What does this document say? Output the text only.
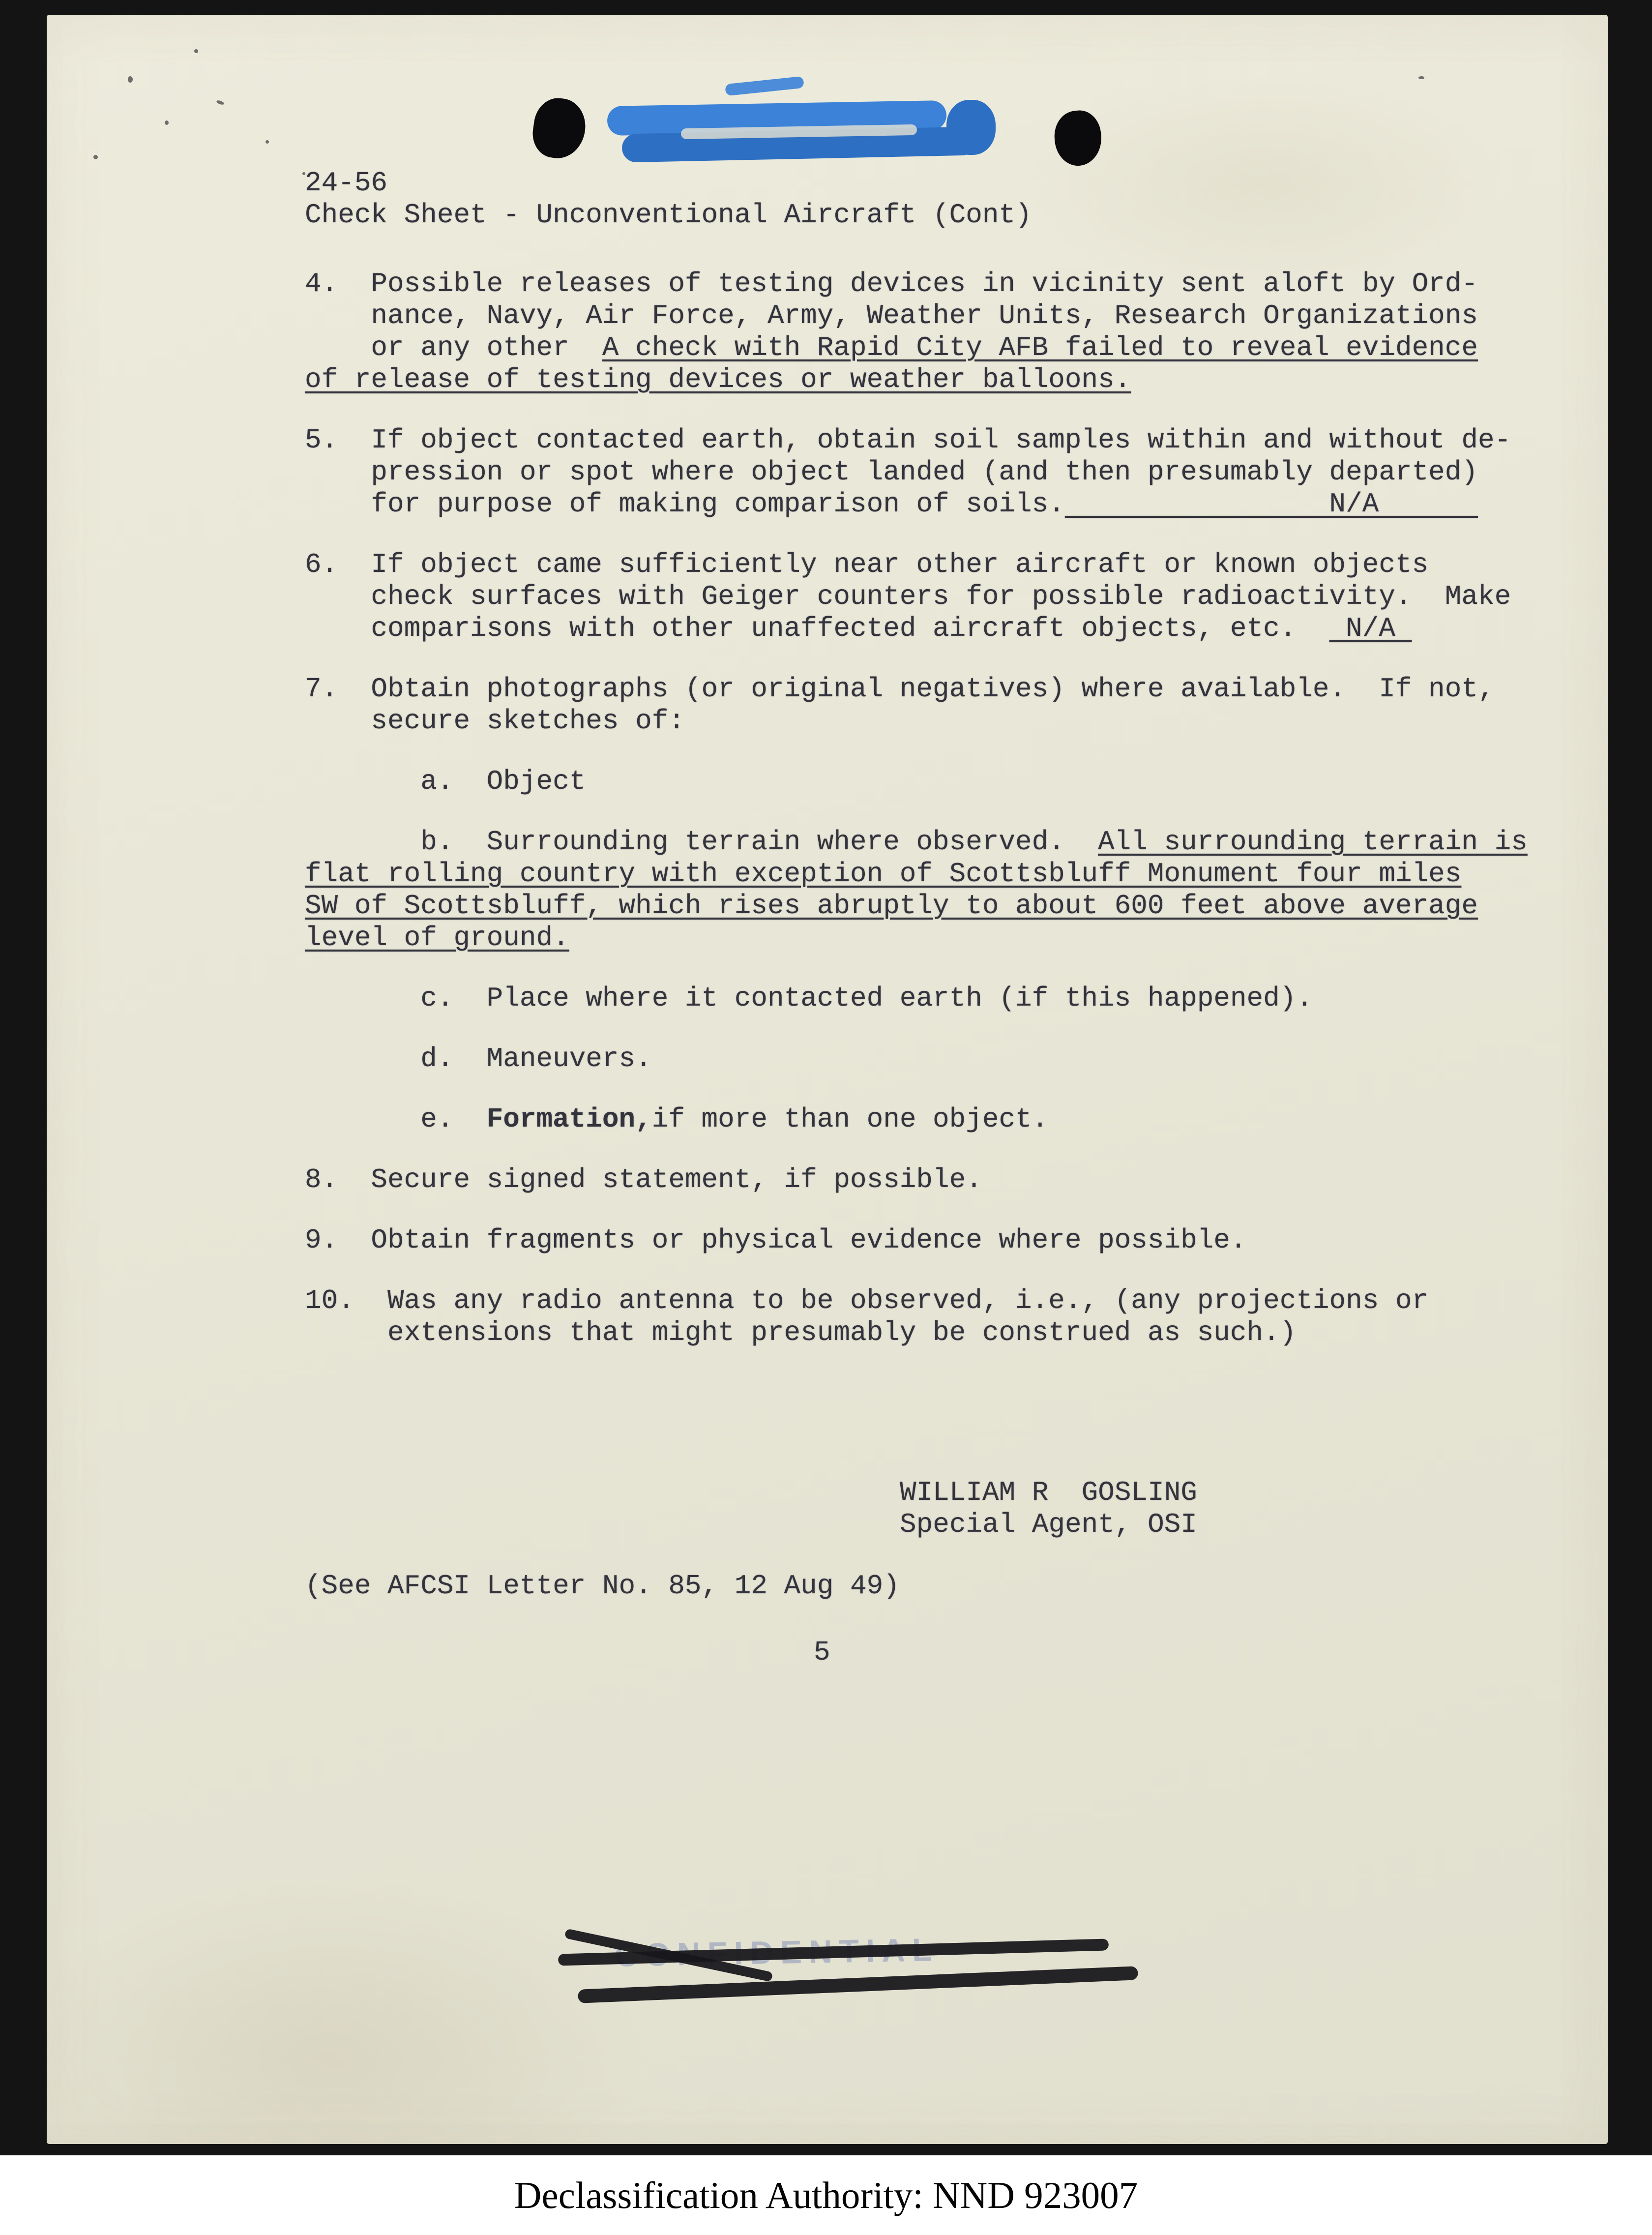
24-56
Check Sheet - Unconventional Aircraft (Cont)
4.  Possible releases of testing devices in vicinity sent aloft by Ord-
nance, Navy, Air Force, Army, Weather Units, Research Organizations
or any other  A check with Rapid City AFB failed to reveal evidence
of release of testing devices or weather balloons.
5.  If object contacted earth, obtain soil samples within and without de-
pression or spot where object landed (and then presumably departed)
for purpose of making comparison of soils.                N/A
6.  If object came sufficiently near other aircraft or known objects
check surfaces with Geiger counters for possible radioactivity.  Make
comparisons with other unaffected aircraft objects, etc.   N/A
7.  Obtain photographs (or original negatives) where available.  If not,
secure sketches of:
a.  Object
b.  Surrounding terrain where observed.  All surrounding terrain is
flat rolling country with exception of Scottsbluff Monument four miles
SW of Scottsbluff, which rises abruptly to about 600 feet above average
level of ground.
c.  Place where it contacted earth (if this happened).
d.  Maneuvers.
e.  Formation,if more than one object.
8.  Secure signed statement, if possible.
9.  Obtain fragments or physical evidence where possible.
10.  Was any radio antenna to be observed, i.e., (any projections or
extensions that might presumably be construed as such.)
WILLIAM R  GOSLING
Special Agent, OSI
(See AFCSI Letter No. 85, 12 Aug 49)
5
Declassification Authority: NND 923007
